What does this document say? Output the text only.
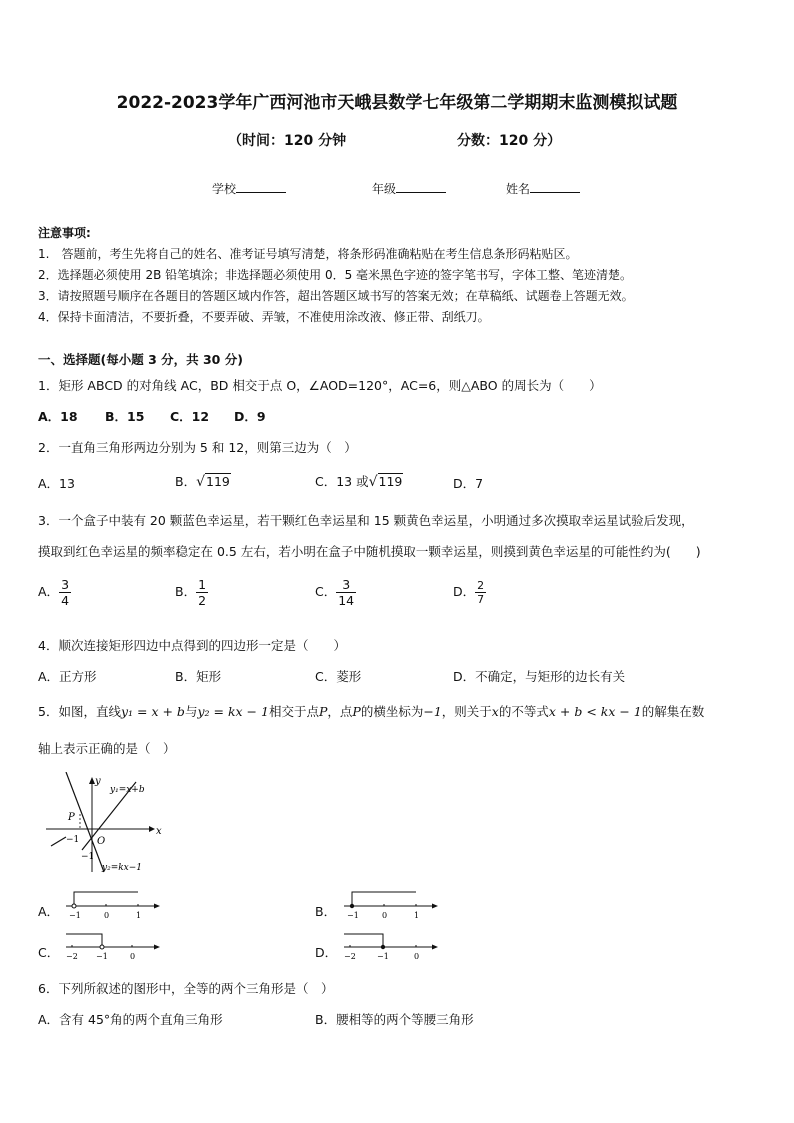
2022-2023学年广西河池市天峨县数学七年级第二学期期末监测模拟试题
（时间：120 分钟	分数：120 分）
学校	年级	姓名
注意事项:
1.　答题前，考生先将自己的姓名、准考证号填写清楚，将条形码准确粘贴在考生信息条形码粘贴区。
2．选择题必须使用 2B 铅笔填涂；非选择题必须使用 0．5 毫米黑色字迹的签字笔书写，字体工整、笔迹清楚。
3．请按照题号顺序在各题目的答题区域内作答，超出答题区域书写的答案无效；在草稿纸、试题卷上答题无效。
4．保持卡面清洁，不要折叠，不要弄破、弄皱，不准使用涂改液、修正带、刮纸刀。
一、选择题(每小题 3 分，共 30 分)
1．矩形 ABCD 的对角线 AC，BD 相交于点 O，∠AOD=120°，AC=6，则△ABO 的周长为（　　）
A．18 B．15 C．12 D．9
2．一直角三角形两边分别为 5 和 12，则第三边为（　）
A．13	B．√119	C．13 或√119	D．7
3．一个盒子中装有 20 颗蓝色幸运星，若干颗红色幸运星和 15 颗黄色幸运星，小明通过多次摸取幸运星试验后发现，
摸取到红色幸运星的频率稳定在 0.5 左右，若小明在盒子中随机摸取一颗幸运星，则摸到黄色幸运星的可能性约为(　　)
A． $\frac{3}{4}$	B． $\frac{1}{2}$	C． $\frac{3}{14}$	D． $\frac{2}{7}$
4．顺次连接矩形四边中点得到的四边形一定是（　　）
A．正方形	B．矩形	C．菱形	D．不确定，与矩形的边长有关
5．如图，直线y₁ = x + b与y₂ = kx − 1相交于点P，点P的横坐标为−1，则关于x的不等式x + b < kx − 1的解集在数
轴上表示正确的是（　）
y
x
O
P
−1
−1
y₁=x+b
y₂=kx−1
A． −1	0	1	B． −1	0	1
C． −2 −1	0	D． −2	−1	0
6．下列所叙述的图形中，全等的两个三角形是（　）
A．含有 45°角的两个直角三角形	B．腰相等的两个等腰三角形
